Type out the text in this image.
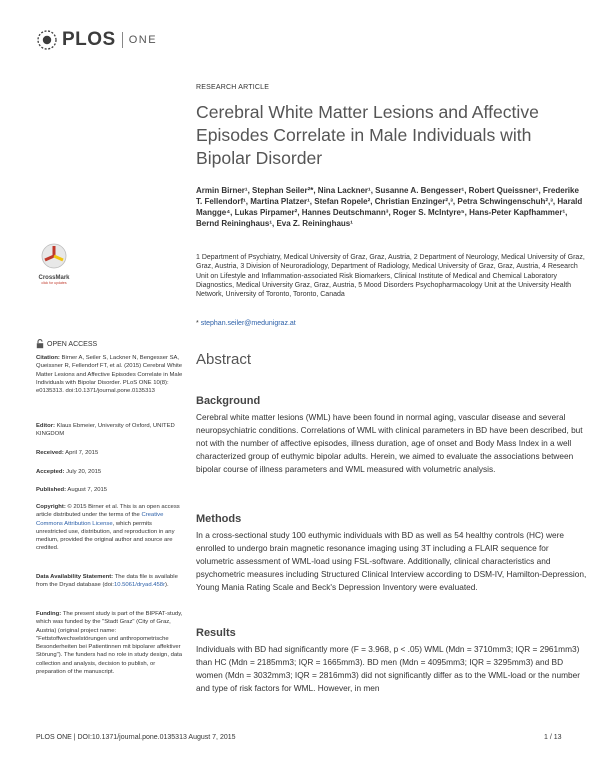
PLOS ONE
RESEARCH ARTICLE
Cerebral White Matter Lesions and Affective Episodes Correlate in Male Individuals with Bipolar Disorder
Armin Birner¹, Stephan Seiler²*, Nina Lackner¹, Susanne A. Bengesser¹, Robert Queissner¹, Frederike T. Fellendorf¹, Martina Platzer¹, Stefan Ropele², Christian Enzinger²,³, Petra Schwingenschuh²,³, Harald Mangge⁴, Lukas Pirpamer², Hannes Deutschmann³, Roger S. McIntyre⁵, Hans-Peter Kapfhammer¹, Bernd Reininghaus¹, Eva Z. Reininghaus¹
1 Department of Psychiatry, Medical University of Graz, Graz, Austria, 2 Department of Neurology, Medical University of Graz, Graz, Austria, 3 Division of Neuroradiology, Department of Radiology, Medical University of Graz, Graz, Austria, 4 Research Unit on Lifestyle and Inflammation-associated Risk Biomarkers, Clinical Institute of Medical and Chemical Laboratory Diagnostics, Medical University Graz, Graz, Austria, 5 Mood Disorders Psychopharmacology Unit at the University Health Network, University of Toronto, Toronto, Canada
* stephan.seiler@medunigraz.at
Abstract
Background

Cerebral white matter lesions (WML) have been found in normal aging, vascular disease and several neuropsychiatric conditions. Correlations of WML with clinical parameters in BD have been described, but not with the number of affective episodes, illness duration, age of onset and Body Mass Index in a well characterized group of euthymic bipolar adults. Herein, we aimed to evaluate the associations between bipolar course of illness parameters and WML measured with volumetric analysis.

Methods

In a cross-sectional study 100 euthymic individuals with BD as well as 54 healthy controls (HC) were enrolled to undergo brain magnetic resonance imaging using 3T including a FLAIR sequence for volumetric assessment of WML-load using FSL-software. Additionally, clinical characteristics and psychometric measures including Structured Clinical Interview according to DSM-IV, Hamilton-Depression, Young Mania Rating Scale and Beck's Depression Inventory were evaluated.

Results

Individuals with BD had significantly more (F = 3.968, p < .05) WML (Mdn = 3710mm3; IQR = 2961mm3) than HC (Mdn = 2185mm3; IQR = 1665mm3). BD men (Mdn = 4095mm3; IQR = 3295mm3) and BD women (Mdn = 3032mm3; IQR = 2816mm3) did not significantly differ as to the WML-load or the number and type of risk factors for WML. However, in men

CrossMark
click for updates
OPEN ACCESS
Citation: Birner A, Seiler S, Lackner N, Bengesser SA, Queissner R, Fellendorf FT, et al. (2015) Cerebral White Matter Lesions and Affective Episodes Correlate in Male Individuals with Bipolar Disorder. PLoS ONE 10(8): e0135313. doi:10.1371/journal.pone.0135313
Editor: Klaus Ebmeier, University of Oxford, UNITED KINGDOM
Received: April 7, 2015
Accepted: July 20, 2015
Published: August 7, 2015
Copyright: © 2015 Birner et al. This is an open access article distributed under the terms of the Creative Commons Attribution License, which permits unrestricted use, distribution, and reproduction in any medium, provided the original author and source are credited.
Data Availability Statement: The data file is available from the Dryad database (doi:10.5061/dryad.458r).
Funding: The present study is part of the BIPFAT-study, which was funded by the "Stadt Graz" (City of Graz, Austria) (original project name: "Fettstoffwechselstörungen und anthropometrische Besonderheiten bei Patientinnen mit bipolarer affektiver Störung"). The funders had no role in study design, data collection and analysis, decision to publish, or preparation of the manuscript.
PLOS ONE | DOI:10.1371/journal.pone.0135313 August 7, 2015	1 / 13
